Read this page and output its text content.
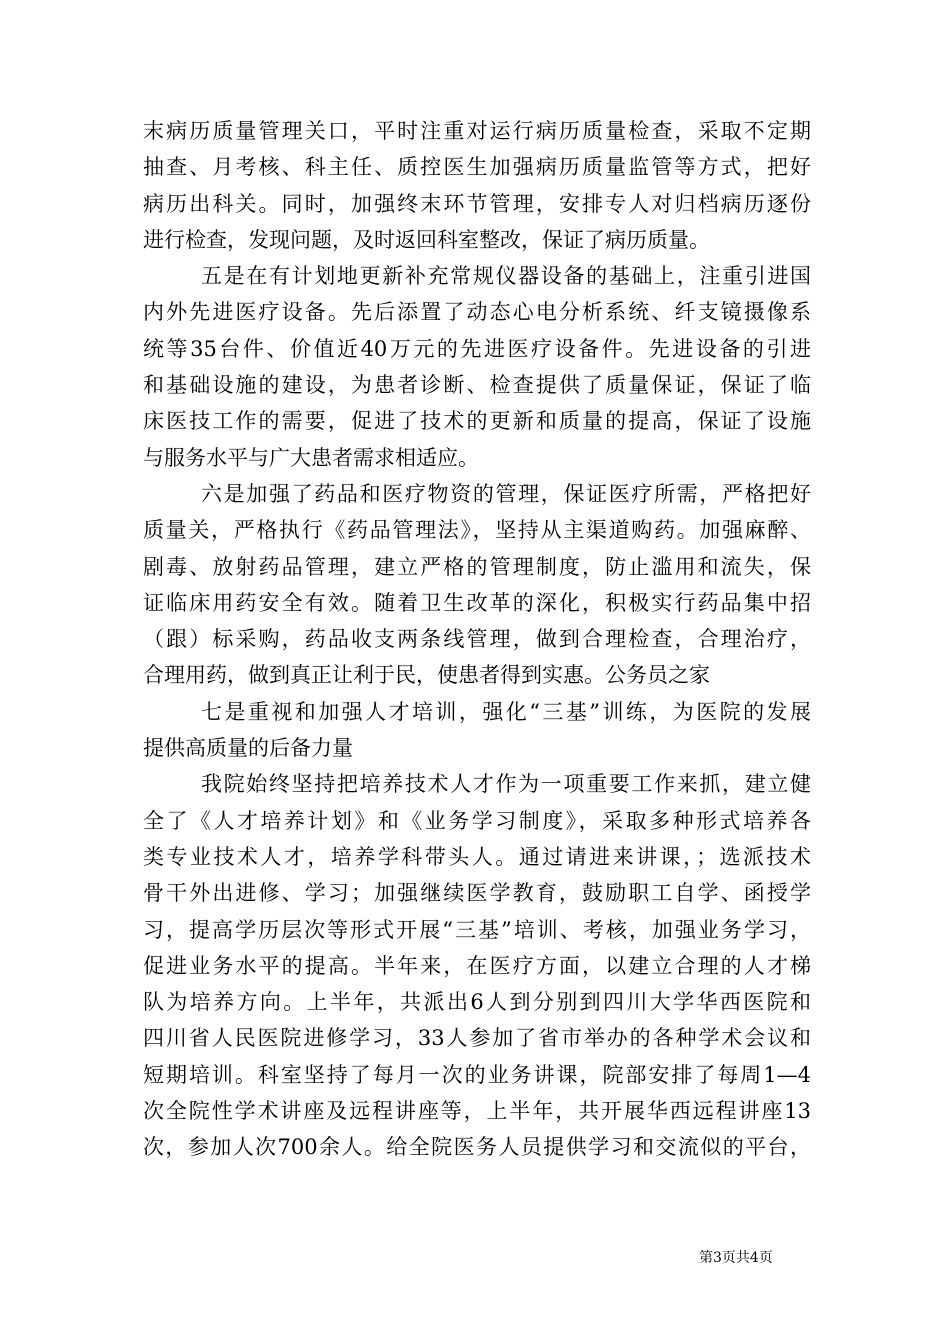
末病历质量管理关口，平时注重对运行病历质量检查，采取不定期
抽查、月考核、科主任、质控医生加强病历质量监管等方式，把好
病历出科关。同时，加强终末环节管理，安排专人对归档病历逐份
进行检查，发现问题，及时返回科室整改，保证了病历质量。
五是在有计划地更新补充常规仪器设备的基础上，注重引进国
内外先进医疗设备。先后添置了动态心电分析系统、纤支镜摄像系
统等35台件、价值近40万元的先进医疗设备件。先进设备的引进
和基础设施的建设，为患者诊断、检查提供了质量保证，保证了临
床医技工作的需要，促进了技术的更新和质量的提高，保证了设施
与服务水平与广大患者需求相适应。
六是加强了药品和医疗物资的管理，保证医疗所需，严格把好
质量关，严格执行《药品管理法》，坚持从主渠道购药。加强麻醉、
剧毒、放射药品管理，建立严格的管理制度，防止滥用和流失，保
证临床用药安全有效。随着卫生改革的深化，积极实行药品集中招
（跟）标采购，药品收支两条线管理，做到合理检查，合理治疗，
合理用药，做到真正让利于民，使患者得到实惠。公务员之家
七是重视和加强人才培训，强化“三基”训练，为医院的发展
提供高质量的后备力量
我院始终坚持把培养技术人才作为一项重要工作来抓，建立健
全了《人才培养计划》和《业务学习制度》，采取多种形式培养各
类专业技术人才，培养学科带头人。通过请进来讲课，；选派技术
骨干外出进修、学习；加强继续医学教育，鼓励职工自学、函授学
习，提高学历层次等形式开展“三基”培训、考核，加强业务学习，
促进业务水平的提高。半年来，在医疗方面，以建立合理的人才梯
队为培养方向。上半年，共派出6人到分别到四川大学华西医院和
四川省人民医院进修学习，33人参加了省市举办的各种学术会议和
短期培训。科室坚持了每月一次的业务讲课，院部安排了每周1—4
次全院性学术讲座及远程讲座等，上半年，共开展华西远程讲座13
次，参加人次700余人。给全院医务人员提供学习和交流似的平台，
第3页共4页
